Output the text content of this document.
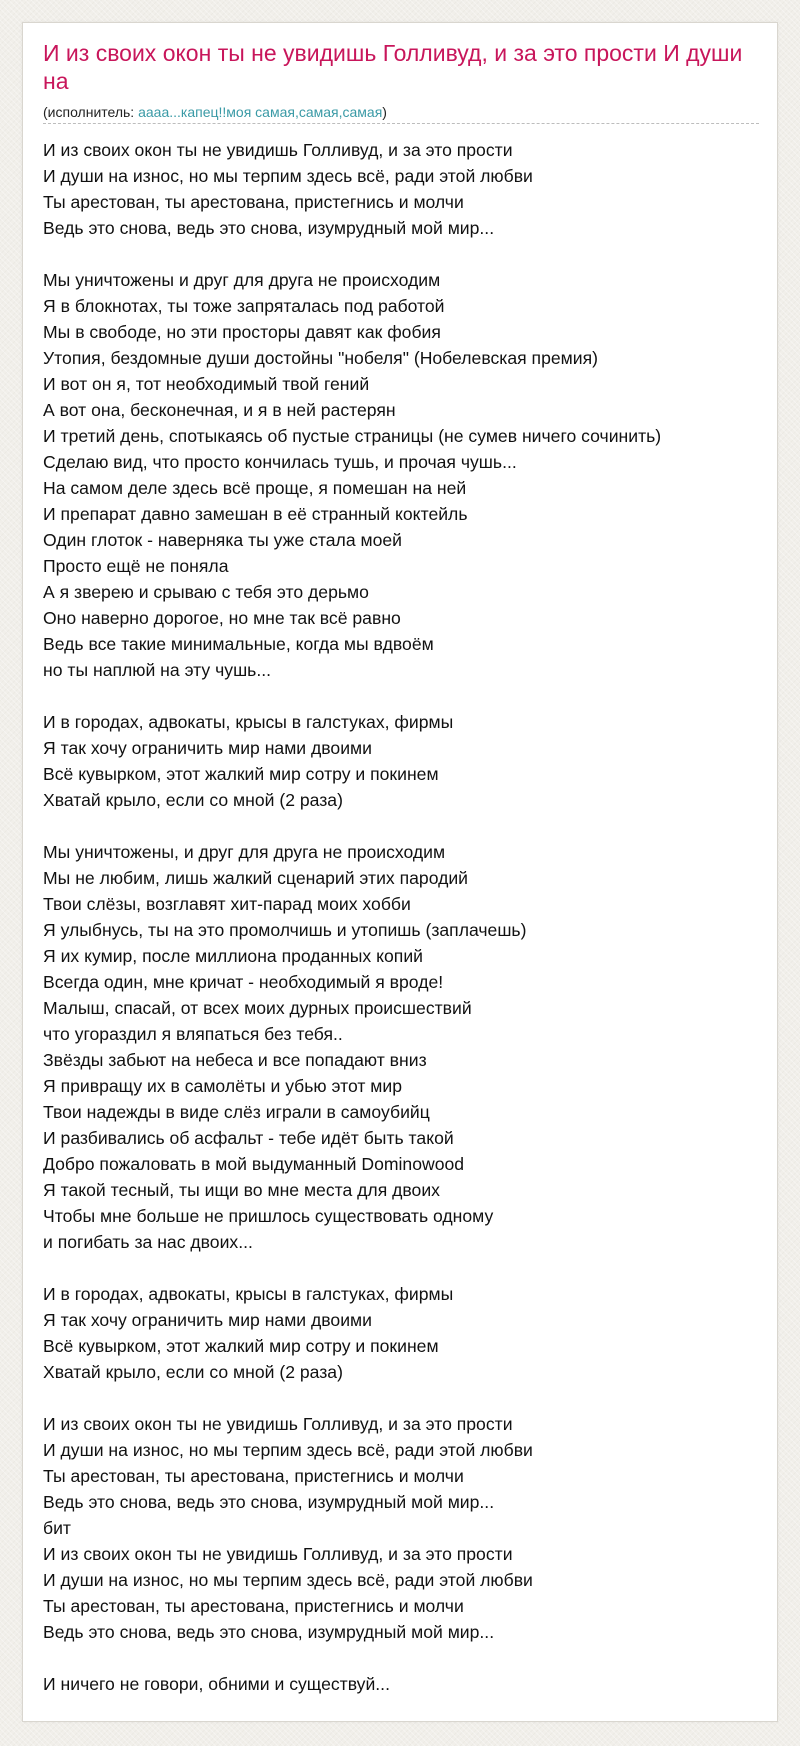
И из своих окон ты не увидишь Голливуд, и за это прости И души на

(исполнитель: аааа...капец!!моя самая,самая,самая)

И из своих окон ты не увидишь Голливуд, и за это прости
И души на износ, но мы терпим здесь всё, ради этой любви
Ты арестован, ты арестована, пристегнись и молчи
Ведь это снова, ведь это снова, изумрудный мой мир...
Мы уничтожены и друг для друга не происходим
Я в блокнотах, ты тоже запряталась под работой
Мы в свободе, но эти просторы давят как фобия
Утопия, бездомные души достойны "нобеля" (Нобелевская премия)
И вот он я, тот необходимый твой гений
А вот она, бесконечная, и я в ней растерян
И третий день, спотыкаясь об пустые страницы (не сумев ничего сочинить)
Сделаю вид, что просто кончилась тушь, и прочая чушь...
На самом деле здесь всё проще, я помешан на ней
И препарат давно замешан в её странный коктейль
Один глоток - наверняка ты уже стала моей
Просто ещё не поняла
А я зверею и срываю с тебя это дерьмо
Оно наверно дорогое, но мне так всё равно
Ведь все такие минимальные, когда мы вдвоём
но ты наплюй на эту чушь...
И в городах, адвокаты, крысы в галстуках, фирмы
Я так хочу ограничить мир нами двоими
Всё кувырком, этот жалкий мир сотру и покинем
Хватай крыло, если со мной (2 раза)
Мы уничтожены, и друг для друга не происходим
Мы не любим, лишь жалкий сценарий этих пародий
Твои слёзы, возглавят хит-парад моих хобби
Я улыбнусь, ты на это промолчишь и утопишь (заплачешь)
Я их кумир, после миллиона проданных копий
Всегда один, мне кричат - необходимый я вроде!
Малыш, спасай, от всех моих дурных происшествий
что угораздил я вляпаться без тебя..
Звёзды забьют на небеса и все попадают вниз
Я привращу их в самолёты и убью этот мир
Твои надежды в виде слёз играли в самоубийц
И разбивались об асфальт - тебе идёт быть такой
Добро пожаловать в мой выдуманный Dominowood
Я такой тесный, ты ищи во мне места для двоих
Чтобы мне больше не пришлось существовать одному
и погибать за нас двоих...
И в городах, адвокаты, крысы в галстуках, фирмы
Я так хочу ограничить мир нами двоими
Всё кувырком, этот жалкий мир сотру и покинем
Хватай крыло, если со мной (2 раза)
И из своих окон ты не увидишь Голливуд, и за это прости
И души на износ, но мы терпим здесь всё, ради этой любви
Ты арестован, ты арестована, пристегнись и молчи
Ведь это снова, ведь это снова, изумрудный мой мир...
бит
И из своих окон ты не увидишь Голливуд, и за это прости
И души на износ, но мы терпим здесь всё, ради этой любви
Ты арестован, ты арестована, пристегнись и молчи
Ведь это снова, ведь это снова, изумрудный мой мир...
И ничего не говори, обними и существуй...
